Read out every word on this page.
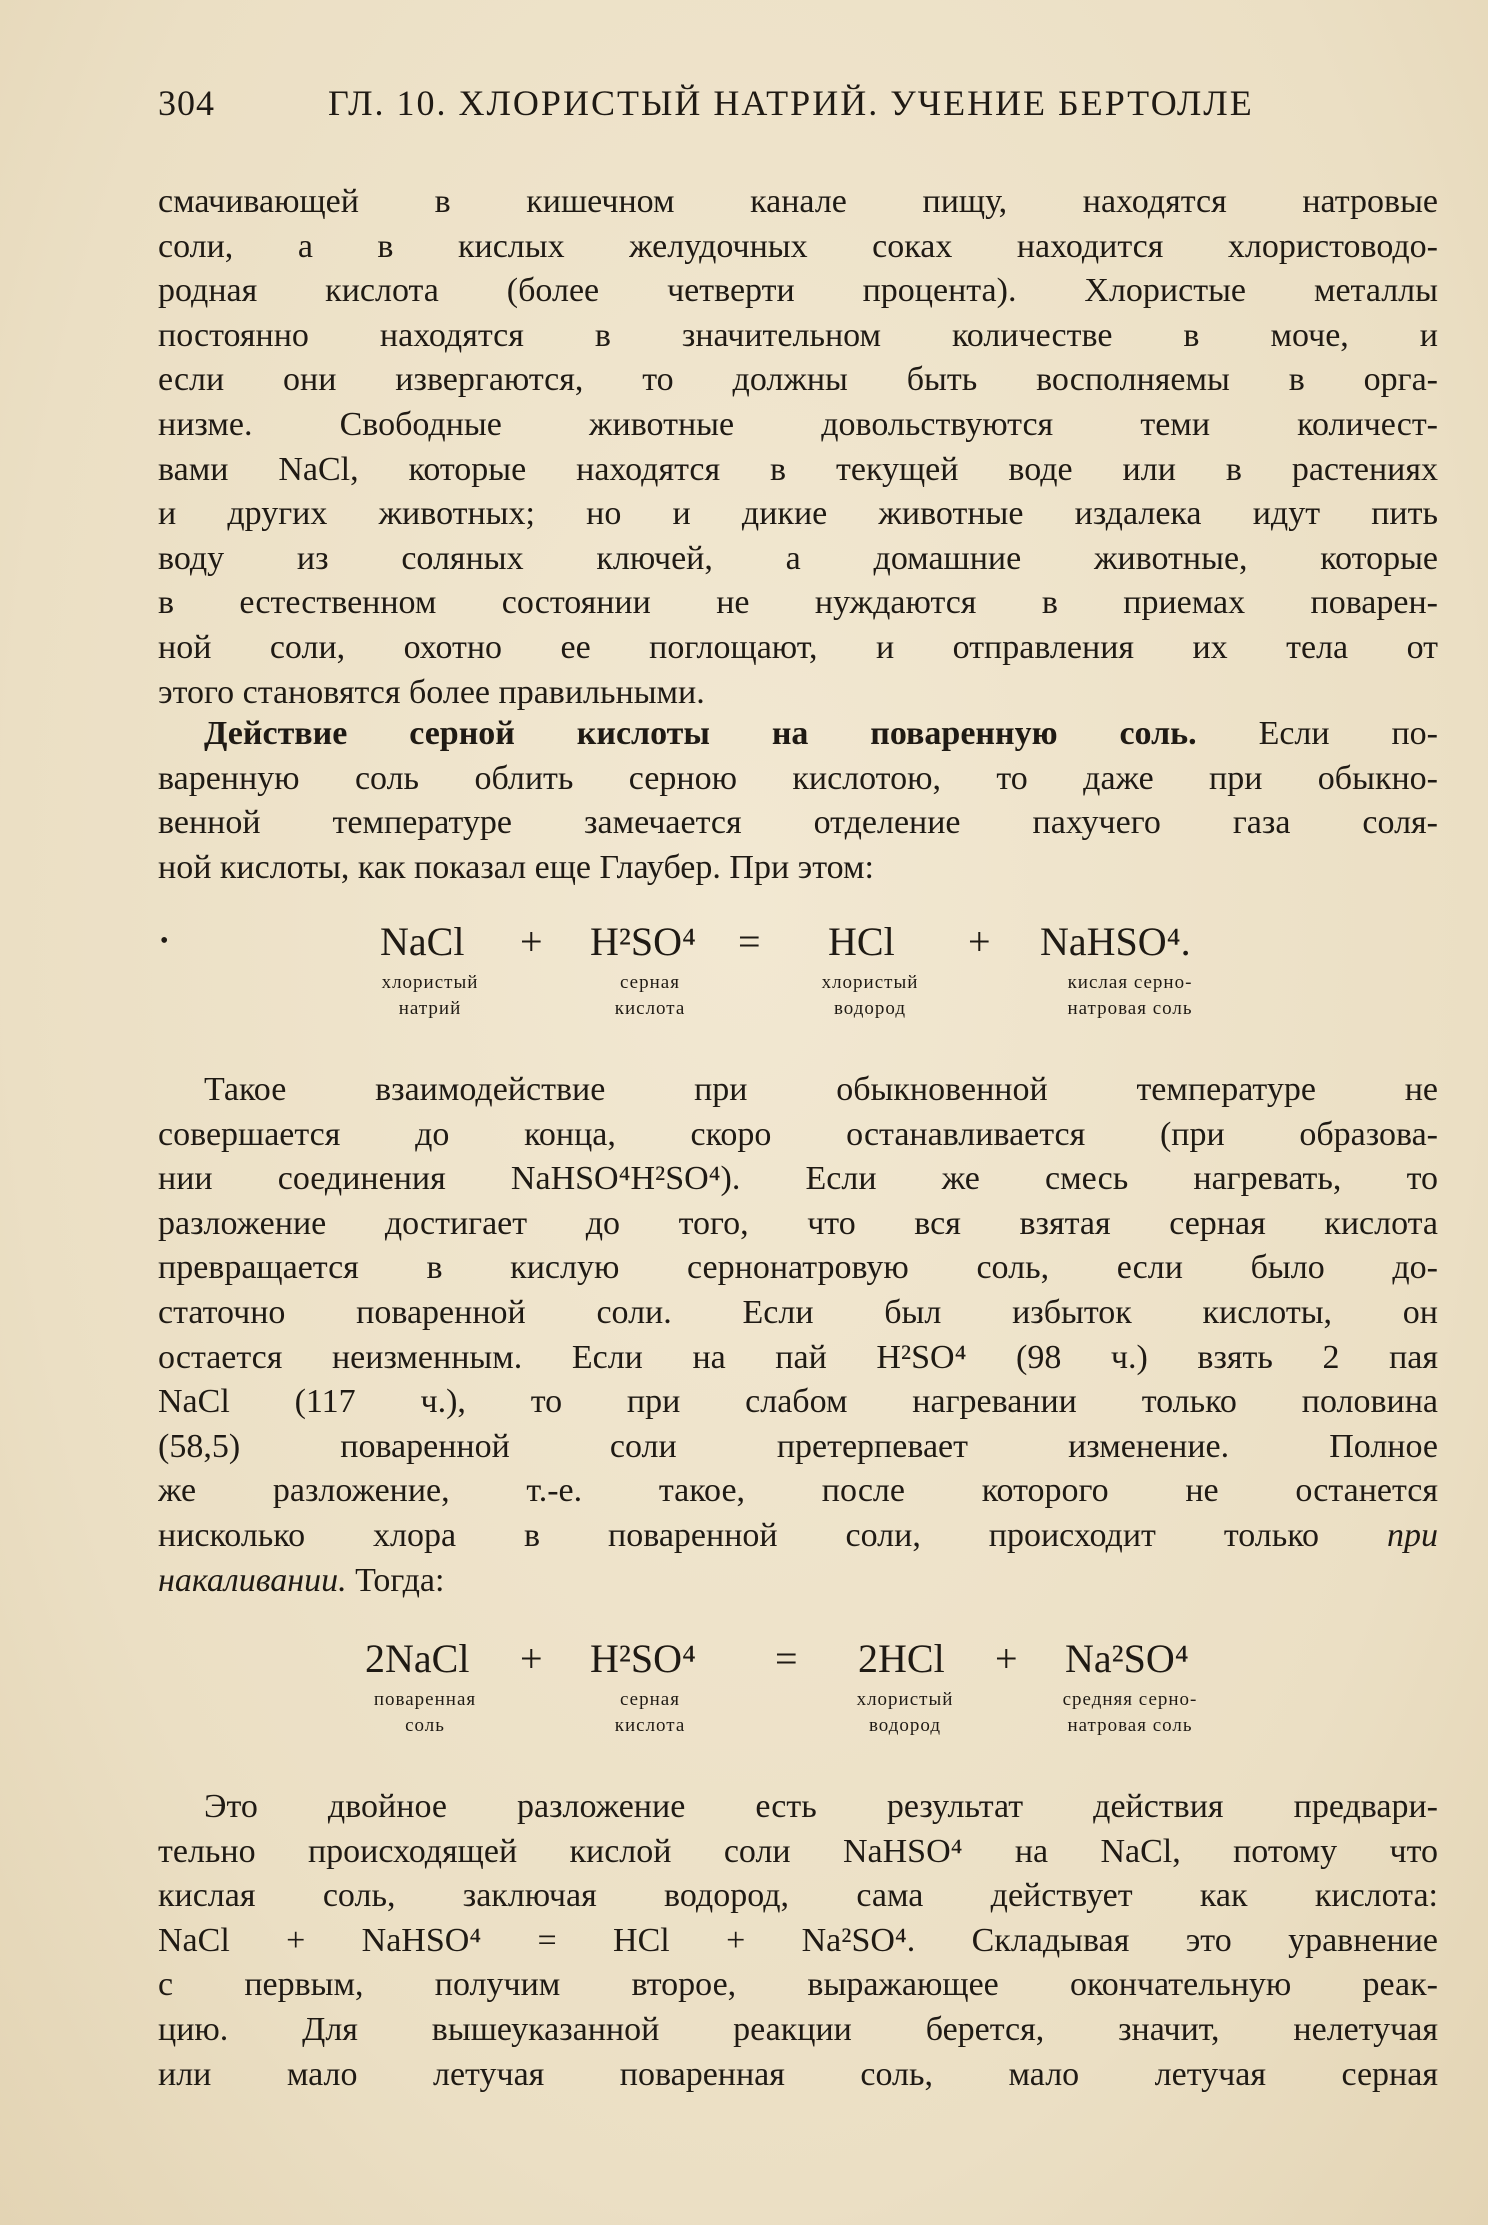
304	ГЛ. 10. ХЛОРИСТЫЙ НАТРИЙ. УЧЕНИЕ БЕРТОЛЛЕ
смачивающей в кишечном канале пищу, находятся натровые
соли, а в кислых желудочных соках находится хлористоводо-
родная кислота (более четверти процента). Хлористые металлы
постоянно находятся в значительном количестве в моче, и
если они извергаются, то должны быть восполняемы в орга-
низме. Свободные животные довольствуются теми количест-
вами NaCl, которые находятся в текущей воде или в растениях
и других животных; но и дикие животные издалека идут пить
воду из соляных ключей, а домашние животные, которые
в естественном состоянии не нуждаются в приемах поварен-
ной соли, охотно ее поглощают, и отправления их тела от
этого становятся более правильными.
Действие серной кислоты на поваренную соль. Если по-
варенную соль облить серною кислотою, то даже при обыкно-
венной температуре замечается отделение пахучего газа соля-
ной кислоты, как показал еще Глаубер. При этом:
•	NaCl + H²SO⁴ = HCl + NaHSO⁴.
хлористый
натрий
серная
кислота
хлористый
водород
кислая серно-
натровая соль
Такое взаимодействие при обыкновенной температуре не
совершается до конца, скоро останавливается (при образова-
нии соединения NaHSO⁴H²SO⁴). Если же смесь нагревать, то
разложение достигает до того, что вся взятая серная кислота
превращается в кислую сернонатровую соль, если было до-
статочно поваренной соли. Если был избыток кислоты, он
остается неизменным. Если на пай H²SO⁴ (98 ч.) взять 2 пая
NaCl (117 ч.), то при слабом нагревании только половина
(58,5) поваренной соли претерпевает изменение. Полное
же разложение, т.-е. такое, после которого не останется
нисколько хлора в поваренной соли, происходит только при
накаливании. Тогда:
2NaCl + H²SO⁴ = 2HCl + Na²SO⁴
поваренная
соль
серная
кислота
хлористый
водород
средняя серно-
натровая соль
Это двойное разложение есть результат действия предвари-
тельно происходящей кислой соли NaHSO⁴ на NaCl, потому что
кислая соль, заключая водород, сама действует как кислота:
NaCl + NaHSO⁴ = HCl + Na²SO⁴. Складывая это уравнение
с первым, получим второе, выражающее окончательную реак-
цию. Для вышеуказанной реакции берется, значит, нелетучая
или мало летучая поваренная соль, мало летучая серная
